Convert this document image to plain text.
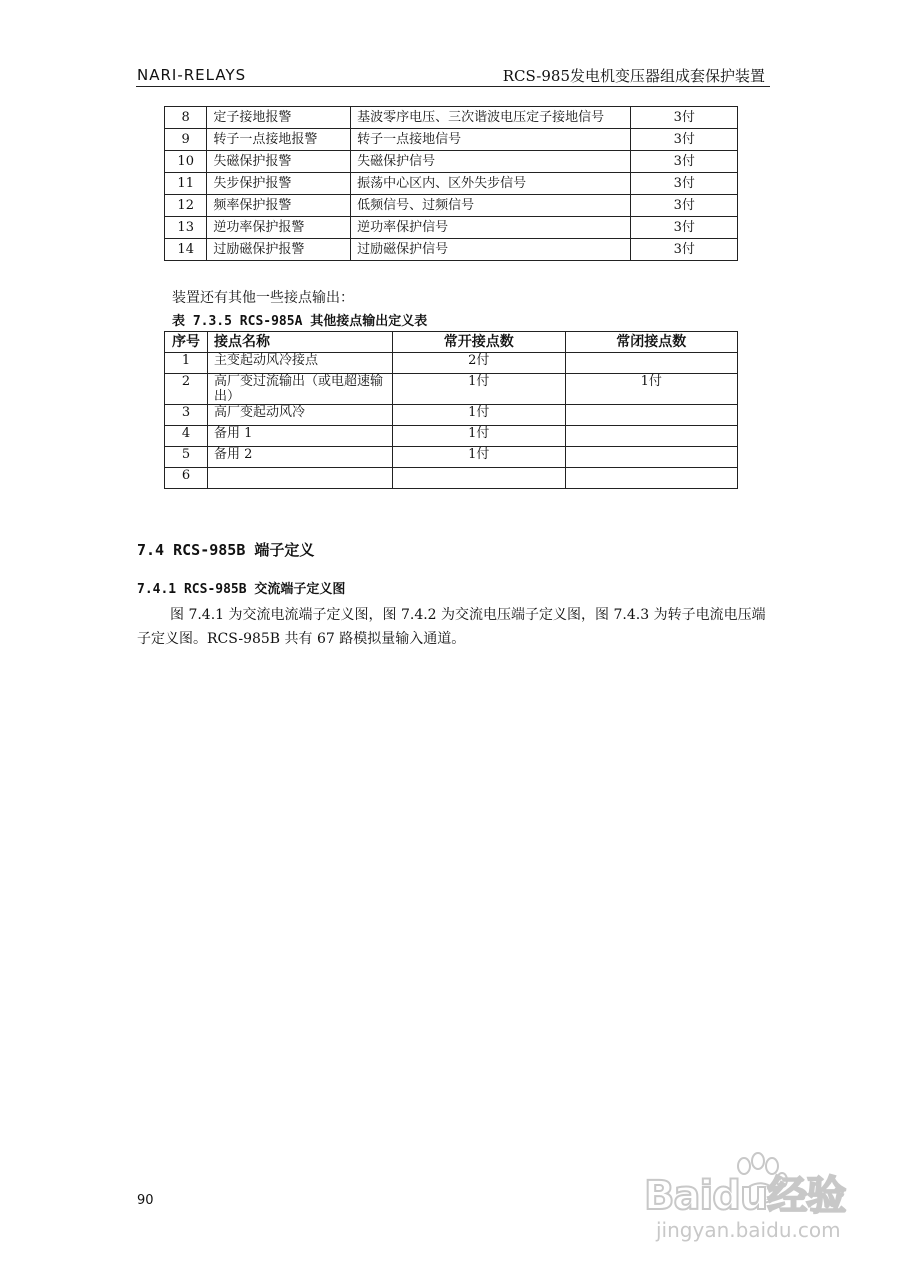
NARI-RELAYS	RCS-985发电机变压器组成套保护装置
8	定子接地报警	基波零序电压、三次谐波电压定子接地信号	3付
9	转子一点接地报警	转子一点接地信号	3付
10	失磁保护报警	失磁保护信号	3付
11	失步保护报警	振荡中心区内、区外失步信号	3付
12	频率保护报警	低频信号、过频信号	3付
13	逆功率保护报警	逆功率保护信号	3付
14	过励磁保护报警	过励磁保护信号	3付
装置还有其他一些接点输出：
表 7.3.5 RCS-985A 其他接点输出定义表
序号	接点名称	常开接点数	常闭接点数
1	主变起动风冷接点	2付	
2	高厂变过流输出（或电超速输出）	1付	1付
3	高厂变起动风冷	1付	
4	备用 1	1付	
5	备用 2	1付	
6			
7.4 RCS-985B 端子定义
7.4.1 RCS-985B 交流端子定义图
图 7.4.1 为交流电流端子定义图，图 7.4.2 为交流电压端子定义图，图 7.4.3 为转子电流电压端子定义图。RCS-985B 共有 67 路模拟量输入通道。
90	Baidu经验
jingyan.baidu.com
